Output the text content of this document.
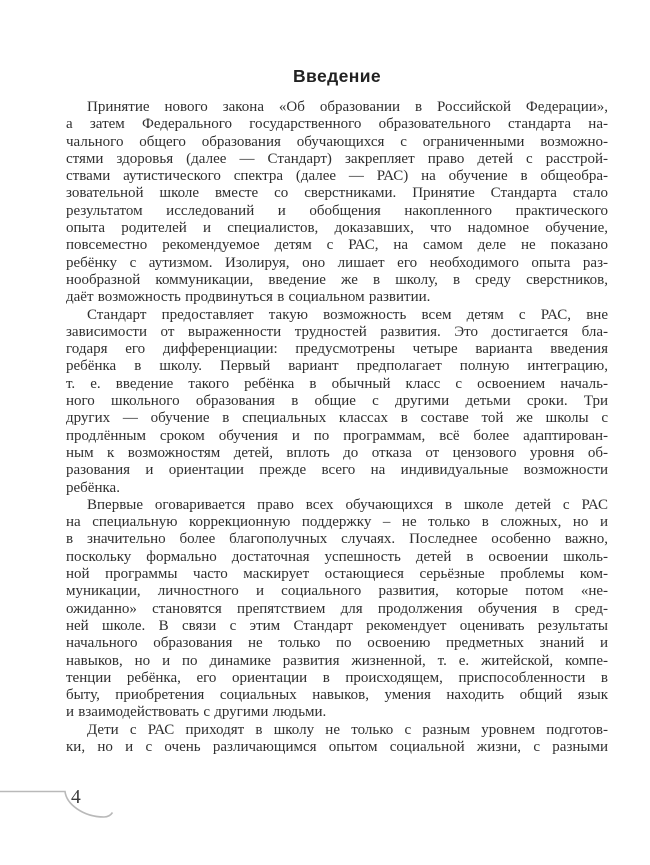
Введение
Принятие нового закона «Об образовании в Российской Федерации»,
а затем Федерального государственного образовательного стандарта на-
чального общего образования обучающихся с ограниченными возможно-
стями здоровья (далее — Стандарт) закрепляет право детей с расстрой-
ствами аутистического спектра (далее — РАС) на обучение в общеобра-
зовательной школе вместе со сверстниками. Принятие Стандарта стало
результатом исследований и обобщения накопленного практического
опыта родителей и специалистов, доказавших, что надомное обучение,
повсеместно рекомендуемое детям с РАС, на самом деле не показано
ребёнку с аутизмом. Изолируя, оно лишает его необходимого опыта раз-
нообразной коммуникации, введение же в школу, в среду сверстников,
даёт возможность продвинуться в социальном развитии.
Стандарт предоставляет такую возможность всем детям с РАС, вне
зависимости от выраженности трудностей развития. Это достигается бла-
годаря его дифференциации: предусмотрены четыре варианта введения
ребёнка в школу. Первый вариант предполагает полную интеграцию,
т. е. введение такого ребёнка в обычный класс с освоением началь-
ного школьного образования в общие с другими детьми сроки. Три
других — обучение в специальных классах в составе той же школы с
продлённым сроком обучения и по программам, всё более адаптирован-
ным к возможностям детей, вплоть до отказа от цензового уровня об-
разования и ориентации прежде всего на индивидуальные возможности
ребёнка.
Впервые оговаривается право всех обучающихся в школе детей с РАС
на специальную коррекционную поддержку – не только в сложных, но и
в значительно более благополучных случаях. Последнее особенно важно,
поскольку формально достаточная успешность детей в освоении школь-
ной программы часто маскирует остающиеся серьёзные проблемы ком-
муникации, личностного и социального развития, которые потом «не-
ожиданно» становятся препятствием для продолжения обучения в сред-
ней школе. В связи с этим Стандарт рекомендует оценивать результаты
начального образования не только по освоению предметных знаний и
навыков, но и по динамике развития жизненной, т. е. житейской, компе-
тенции ребёнка, его ориентации в происходящем, приспособленности в
быту, приобретения социальных навыков, умения находить общий язык
и взаимодействовать с другими людьми.
Дети с РАС приходят в школу не только с разным уровнем подготов-
ки, но и с очень различающимся опытом социальной жизни, с разными
4
